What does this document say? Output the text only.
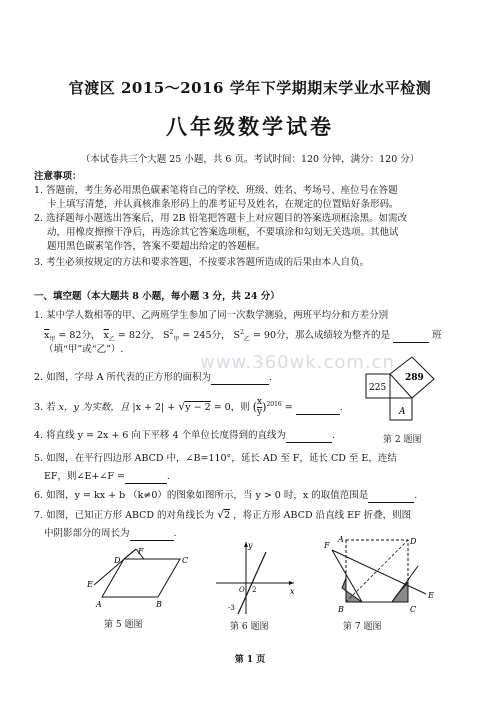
官渡区 2015～2016 学年下学期期末学业水平检测
八年级数学试卷
（本试卷共三个大题 25 小题，共 6 页。考试时间：120 分钟，满分：120 分）
注意事项：
1. 答题前，考生务必用黑色碳素笔将自己的学校、班级、姓名、考场号、座位号在答题
卡上填写清楚，并认真核准条形码上的准考证号及姓名，在规定的位置贴好条形码。
2. 选择题每小题选出答案后，用 2B 铅笔把答题卡上对应题目的答案选项框涂黑。如需改
动，用橡皮擦擦干净后，再选涂其它答案选项框，不要填涂和勾划无关选项。其他试
题用黑色碳素笔作答，答案不要超出给定的答题框。
3. 考生必须按规定的方法和要求答题，不按要求答题所造成的后果由本人自负。
一、填空题（本大题共 8 小题，每小题 3 分，共 24 分）
1. 某中学人数相等的甲、乙两班学生参加了同一次数学测验，两班平均分和方差分别
$\overline{x}_甲 = 82$分， $\overline{x}_乙 = 82$分， $S^2_甲 = 245$分， $S^2_乙 = 90$分，那么成绩较为整齐的是	班
（填“甲”或“乙”）.
2. 如图，字母 A 所代表的正方形的面积为	.
3. 若 x，y 为实数，且 |x + 2| + √y − 2 = 0，则 ( $\frac{x}{y} )^{2016}$ =	.
4. 将直线 y = 2x + 6 向下平移 4 个单位长度得到的直线为	.
5. 如图，在平行四边形 ABCD 中，∠B=110°，延长 AD 至 F，延长 CD 至 E，连结
EF，则∠E+∠F =	.
6. 如图，y = kx + b （k≠0）的图象如图所示，当 y > 0 时，x 的取值范围是	.
7. 如图，已知正方形 ABCD 的对角线长为 √2 ，将正方形 ABCD 沿直线 EF 折叠，则图
中阴影部分的周长为	.
225
289
A
第 2 题图
F
E
A	B
C
D
第 5 题图
y
x
O 2
-3
第 6 题图
F
A	D
B	C
E
第 7 题图
www.360wk.com.cn
第 1 页
